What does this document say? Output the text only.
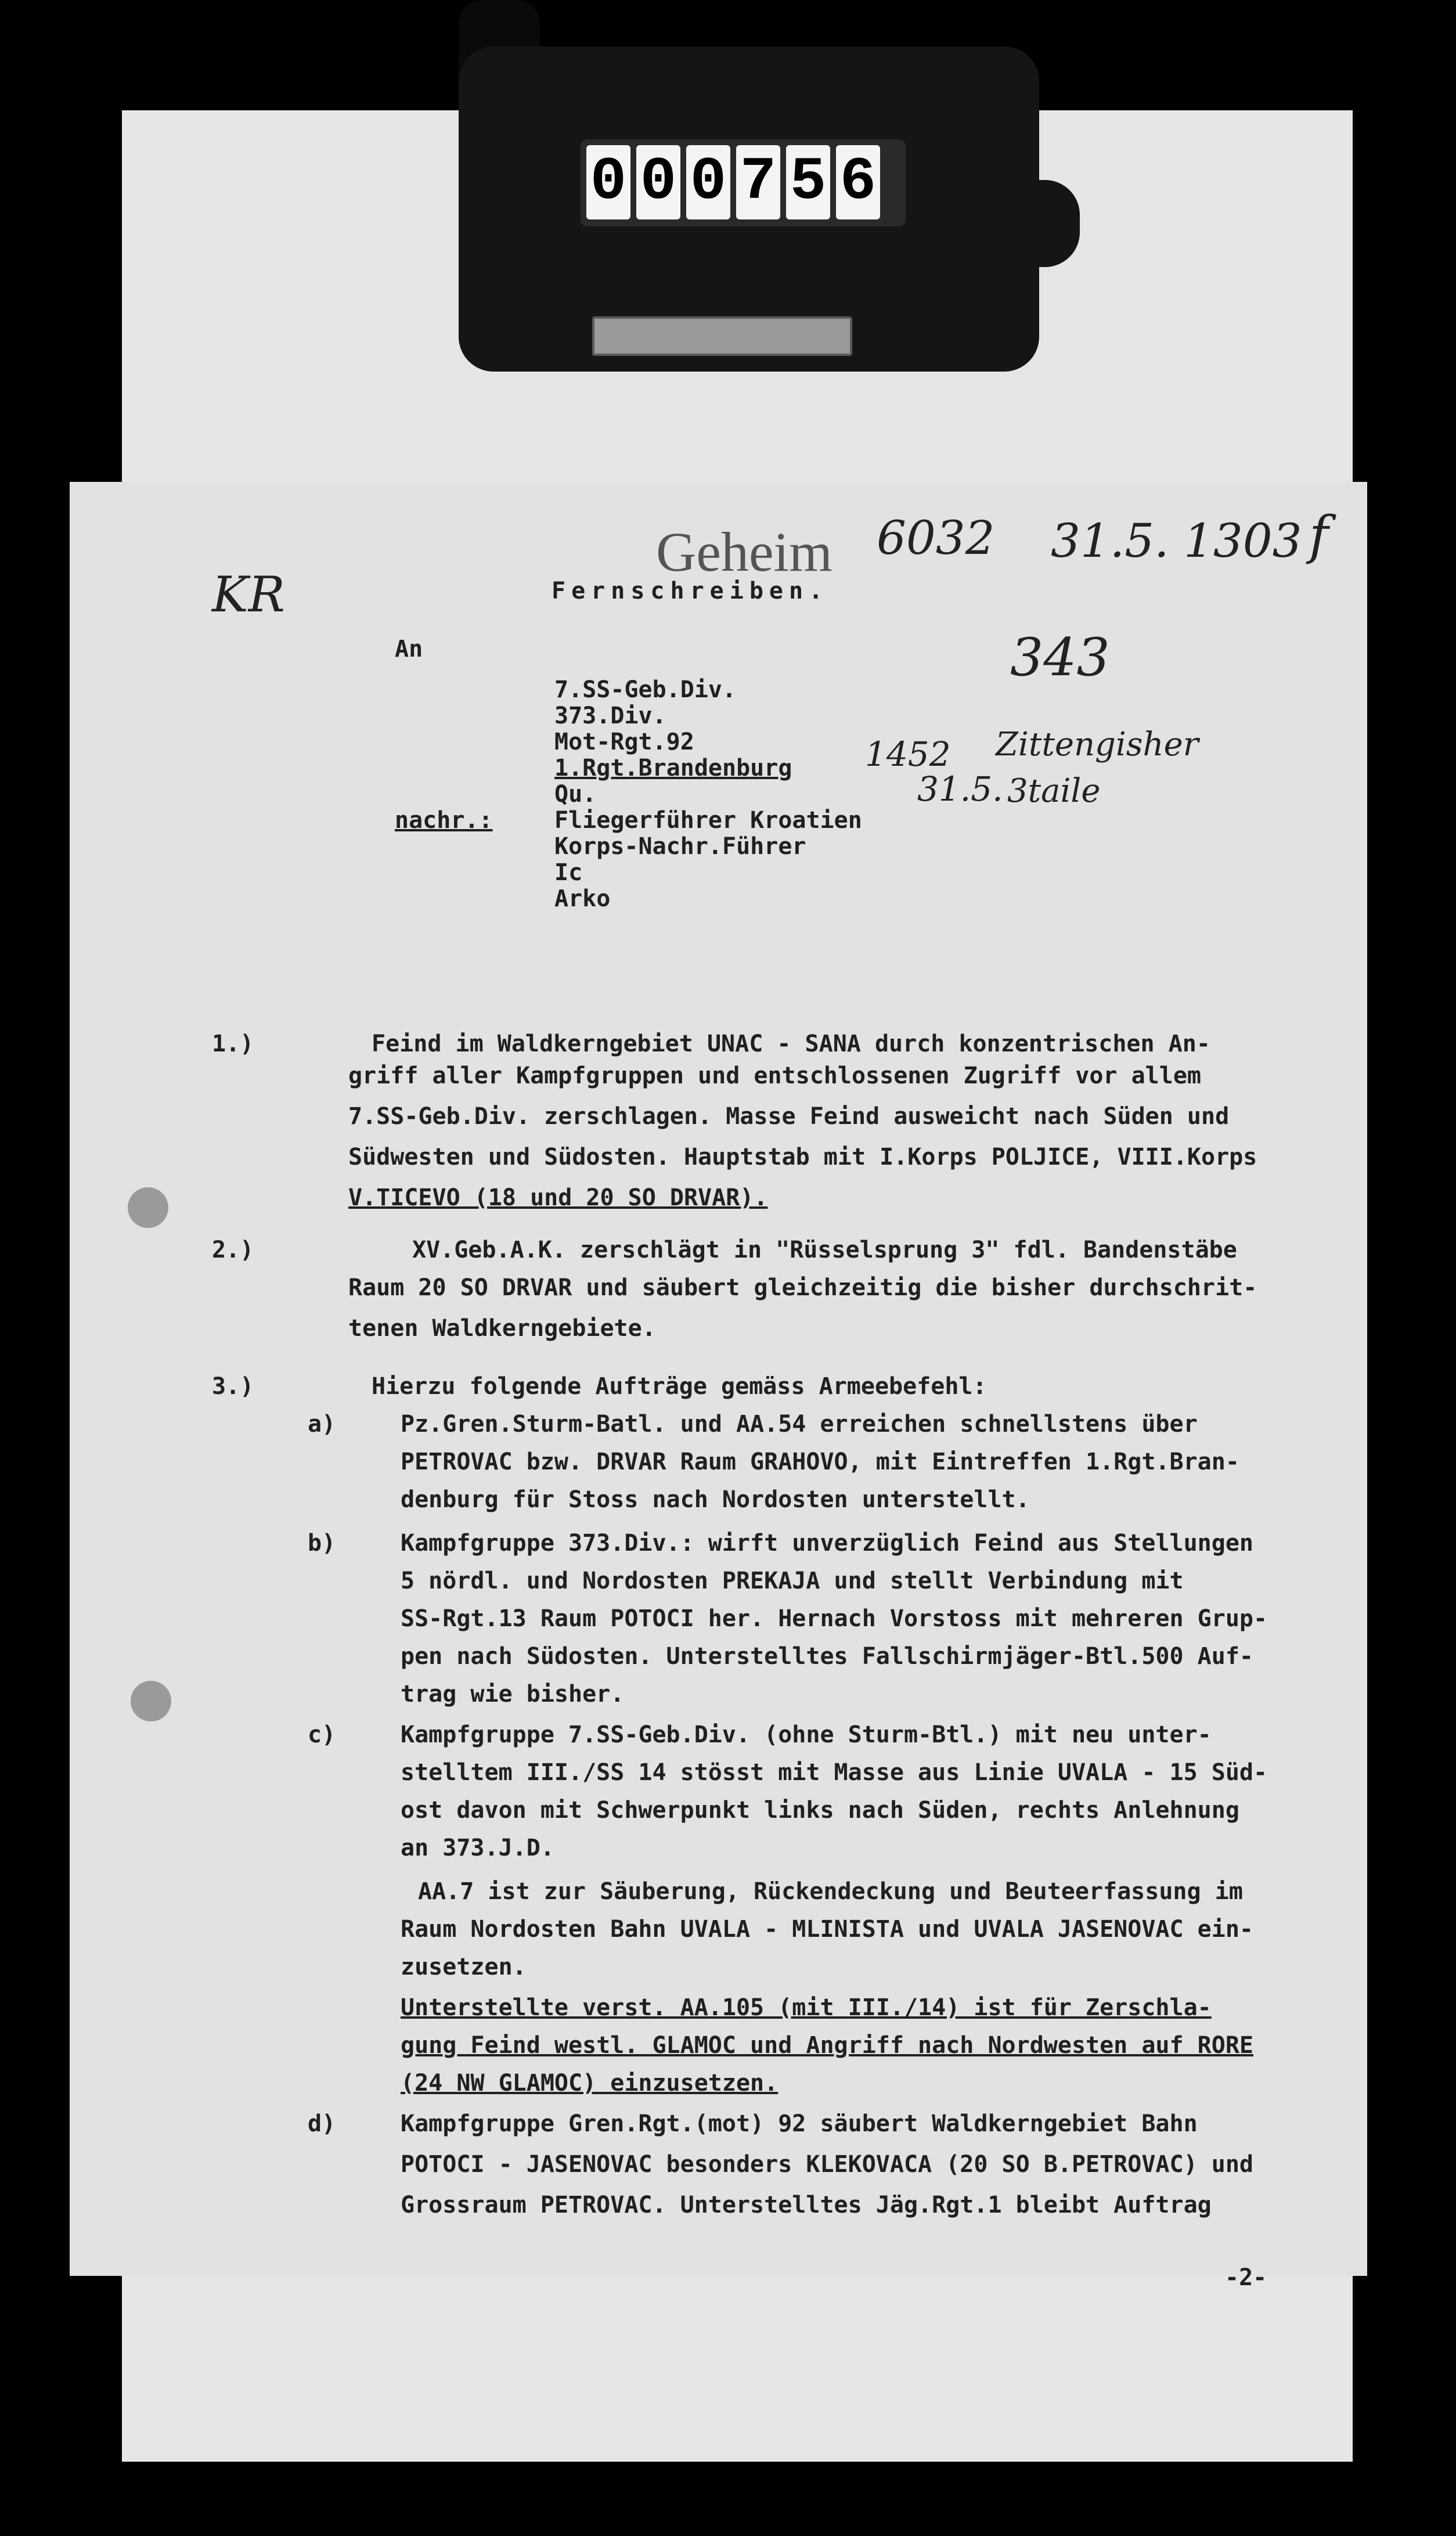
0 0 0 7 5 6
Geheim 6032 31.5. 1303 f
KR
343
1452
31.5.
Zittengisher
3taile
Fernschreiben.
An
7.SS-Geb.Div.
373.Div.
Mot-Rgt.92
1.Rgt.Brandenburg
Qu.
nachr.:	Fliegerführer Kroatien
Korps-Nachr.Führer
Ic
Arko
1.)	Feind im Waldkerngebiet UNAC - SANA durch konzentrischen An-
griff aller Kampfgruppen und entschlossenen Zugriff vor allem
7.SS-Geb.Div. zerschlagen. Masse Feind ausweicht nach Süden und
Südwesten und Südosten. Hauptstab mit I.Korps POLJICE, VIII.Korps
V.TICEVO (18 und 20 SO DRVAR).
2.)	XV.Geb.A.K. zerschlägt in "Rüsselsprung 3" fdl. Bandenstäbe
Raum 20 SO DRVAR und säubert gleichzeitig die bisher durchschrit-
tenen Waldkerngebiete.
3.)	Hierzu folgende Aufträge gemäss Armeebefehl:
a)	Pz.Gren.Sturm-Batl. und AA.54 erreichen schnellstens über
PETROVAC bzw. DRVAR Raum GRAHOVO, mit Eintreffen 1.Rgt.Bran-
denburg für Stoss nach Nordosten unterstellt.
b)	Kampfgruppe 373.Div.: wirft unverzüglich Feind aus Stellungen
5 nördl. und Nordosten PREKAJA und stellt Verbindung mit
SS-Rgt.13 Raum POTOCI her. Hernach Vorstoss mit mehreren Grup-
pen nach Südosten. Unterstelltes Fallschirmjäger-Btl.500 Auf-
trag wie bisher.
c)	Kampfgruppe 7.SS-Geb.Div. (ohne Sturm-Btl.) mit neu unter-
stelltem III./SS 14 stösst mit Masse aus Linie UVALA - 15 Süd-
ost davon mit Schwerpunkt links nach Süden, rechts Anlehnung
an 373.J.D.
AA.7 ist zur Säuberung, Rückendeckung und Beuteerfassung im
Raum Nordosten Bahn UVALA - MLINISTA und UVALA JASENOVAC ein-
zusetzen.
Unterstellte verst. AA.105 (mit III./14) ist für Zerschla-
gung Feind westl. GLAMOC und Angriff nach Nordwesten auf RORE
(24 NW GLAMOC) einzusetzen.
d)	Kampfgruppe Gren.Rgt.(mot) 92 säubert Waldkerngebiet Bahn
POTOCI - JASENOVAC besonders KLEKOVACA (20 SO B.PETROVAC) und
Grossraum PETROVAC. Unterstelltes Jäg.Rgt.1 bleibt Auftrag
-2-
